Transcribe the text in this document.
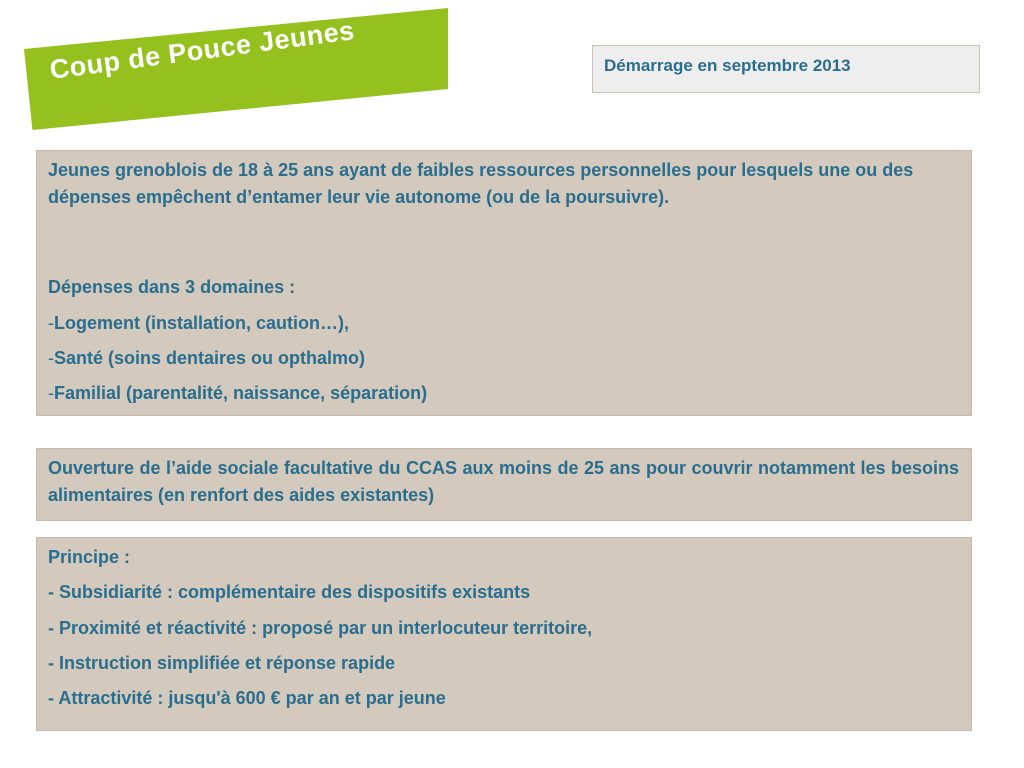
Coup de Pouce Jeunes	Démarrage en septembre 2013

Jeunes grenoblois de 18 à 25 ans ayant de faibles ressources personnelles pour lesquels une ou des dépenses empêchent d’entamer leur vie autonome (ou de la poursuivre).

Dépenses dans 3 domaines :

-Logement (installation, caution…),

-Santé (soins dentaires ou opthalmo)

-Familial (parentalité, naissance, séparation)

Ouverture de l’aide sociale facultative du CCAS aux moins de 25 ans pour couvrir notamment les besoins alimentaires (en renfort des aides existantes)

Principe :

- Subsidiarité : complémentaire des dispositifs existants

- Proximité et réactivité : proposé par un interlocuteur territoire,

- Instruction simplifiée et réponse rapide

- Attractivité : jusqu'à 600 € par an et par jeune
